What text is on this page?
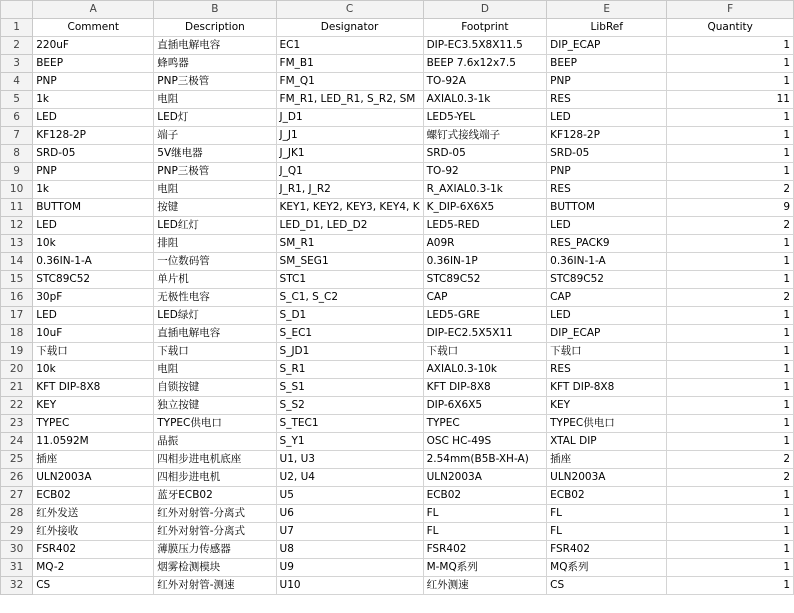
	A	B	C	D	E	F
1	Comment	Description	Designator	Footprint	LibRef	Quantity
2	220uF	直插电解电容	EC1	DIP-EC3.5X8X11.5	DIP_ECAP	1
3	BEEP	蜂鸣器	FM_B1	BEEP 7.6x12x7.5	BEEP	1
4	PNP	PNP三极管	FM_Q1	TO-92A	PNP	1
5	1k	电阻	FM_R1, LED_R1, S_R2, SM	AXIAL0.3-1k	RES	11
6	LED	LED灯	J_D1	LED5-YEL	LED	1
7	KF128-2P	端子	J_J1	螺钉式接线端子	KF128-2P	1
8	SRD-05	5V继电器	J_JK1	SRD-05	SRD-05	1
9	PNP	PNP三极管	J_Q1	TO-92	PNP	1
10	1k	电阻	J_R1, J_R2	R_AXIAL0.3-1k	RES	2
11	BUTTOM	按键	KEY1, KEY2, KEY3, KEY4, K	K_DIP-6X6X5	BUTTOM	9
12	LED	LED红灯	LED_D1, LED_D2	LED5-RED	LED	2
13	10k	排阻	SM_R1	A09R	RES_PACK9	1
14	0.36IN-1-A	一位数码管	SM_SEG1	0.36IN-1P	0.36IN-1-A	1
15	STC89C52	单片机	STC1	STC89C52	STC89C52	1
16	30pF	无极性电容	S_C1, S_C2	CAP	CAP	2
17	LED	LED绿灯	S_D1	LED5-GRE	LED	1
18	10uF	直插电解电容	S_EC1	DIP-EC2.5X5X11	DIP_ECAP	1
19	下载口	下载口	S_JD1	下载口	下载口	1
20	10k	电阻	S_R1	AXIAL0.3-10k	RES	1
21	KFT DIP-8X8	自锁按键	S_S1	KFT DIP-8X8	KFT DIP-8X8	1
22	KEY	独立按键	S_S2	DIP-6X6X5	KEY	1
23	TYPEC	TYPEC供电口	S_TEC1	TYPEC	TYPEC供电口	1
24	11.0592M	晶振	S_Y1	OSC HC-49S	XTAL DIP	1
25	插座	四相步进电机底座	U1, U3	2.54mm(B5B-XH-A)	插座	2
26	ULN2003A	四相步进电机	U2, U4	ULN2003A	ULN2003A	2
27	ECB02	蓝牙ECB02	U5	ECB02	ECB02	1
28	红外发送	红外对射管-分离式	U6	FL	FL	1
29	红外接收	红外对射管-分离式	U7	FL	FL	1
30	FSR402	薄膜压力传感器	U8	FSR402	FSR402	1
31	MQ-2	烟雾检测模块	U9	M-MQ系列	MQ系列	1
32	CS	红外对射管-测速	U10	红外测速	CS	1
